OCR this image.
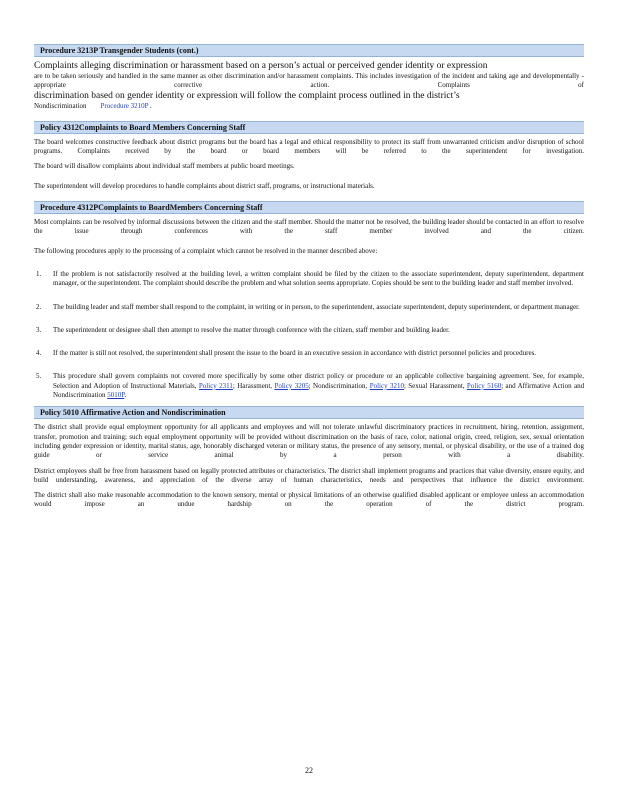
Procedure 3213P Transgender Students (cont.)
Complaints alleging discrimination or harassment based on a person’s actual or perceived gender identity or expression
are to be taken seriously and handled in the same manner as other discrimination and/or harassment complaints. This includes investigation of the incident and taking age and developmentally - appropriate corrective action. Complaints of
discrimination based on gender identity or expression will follow the complaint process outlined in the district’s
Nondiscrimination Procedure 3210P .
Policy 4312Complaints to Board Members Concerning Staff
The board welcomes constructive feedback about district programs but the board has a legal and ethical responsibility to protect its staff from unwarranted criticism and/or disruption of school programs. Complaints received by the board or board members will be referred to the superintendent for investigation.
The board will disallow complaints about individual staff members at public board meetings.
The superintendent will develop procedures to handle complaints about district staff, programs, or instructional materials.
Procedure 4312PComplaints to BoardMembers Concerning Staff
Most complaints can be resolved by informal discussions between the citizen and the staff member. Should the matter not be resolved, the building leader should be contacted in an effort to resolve the issue through conferences with the staff member involved and the citizen.
The following procedures apply to the processing of a complaint which cannot be resolved in the manner described above:
1. If the problem is not satisfactorily resolved at the building level, a written complaint should be filed by the citizen to the associate superintendent, deputy superintendent, department manager, or the superintendent. The complaint should describe the problem and what solution seems appropriate. Copies should be sent to the building leader and staff member involved.
2. The building leader and staff member shall respond to the complaint, in writing or in person, to the superintendent, associate superintendent, deputy superintendent, or department manager.
3. The superintendent or designee shall then attempt to resolve the matter through conference with the citizen, staff member and building leader.
4. If the matter is still not resolved, the superintendent shall present the issue to the board in an executive session in accordance with district personnel policies and procedures.
5. This procedure shall govern complaints not covered more specifically by some other district policy or procedure or an applicable collective bargaining agreement. See, for example, Selection and Adoption of Instructional Materials, Policy 2311; Harassment, Policy 3205; Nondiscrimination, Policy 3210; Sexual Harassment, Policy 5160; and Affirmative Action and Nondiscrimination 5010P.
Policy 5010 Affirmative Action and Nondiscrimination
The district shall provide equal employment opportunity for all applicants and employees and will not tolerate unlawful discriminatory practices in recruitment, hiring, retention, assignment, transfer, promotion and training; such equal employment opportunity will be provided without discrimination on the basis of race, color, national origin, creed, religion, sex, sexual orientation including gender expression or identity, marital status, age, honorably discharged veteran or military status, the presence of any sensory, mental, or physical disability, or the use of a trained dog guide or service animal by a person with a disability.
District employees shall be free from harassment based on legally protected attributes or characteristics. The district shall implement programs and practices that value diversity, ensure equity, and build understanding, awareness, and appreciation of the diverse array of human characteristics, needs and perspectives that influence the district environment.
The district shall also make reasonable accommodation to the known sensory, mental or physical limitations of an otherwise qualified disabled applicant or employee unless an accommodation would impose an undue hardship on the operation of the district program.
22
